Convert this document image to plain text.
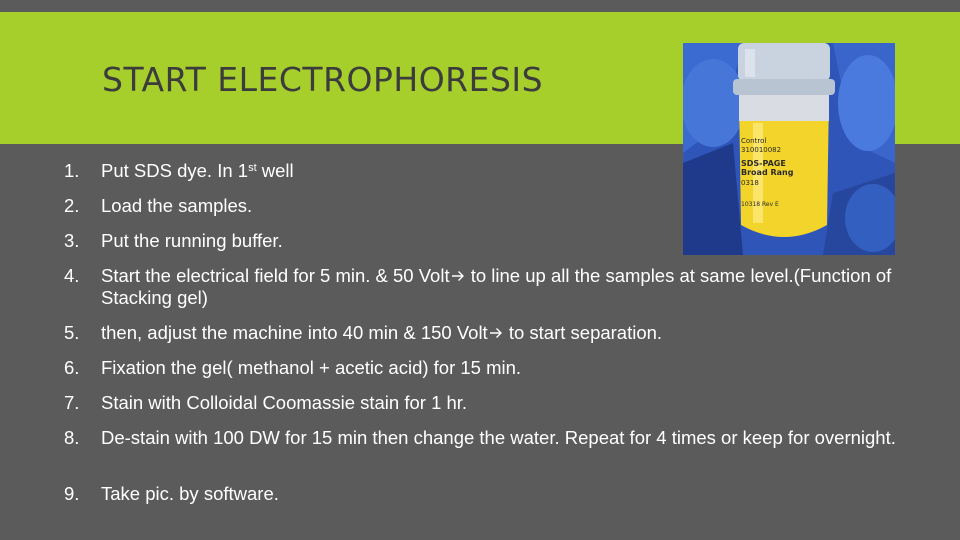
START ELECTROPHORESIS
Control
310010082
SDS-PAGE
Broad Rang
0318
10318 Rev E
1. Put SDS dye. In 1st well
2. Load the samples.
3. Put the running buffer.
4. Start the electrical field for 5 min. & 50 Volt to line up all the samples at same level.(Function of Stacking gel)
5. then, adjust the machine into 40 min & 150 Volt to start separation.
6. Fixation the gel( methanol + acetic acid) for 15 min.
7. Stain with Colloidal Coomassie stain for 1 hr.
8. De-stain with 100 DW for 15 min then change the water. Repeat for 4 times or keep for overnight.
9. Take pic. by software.
